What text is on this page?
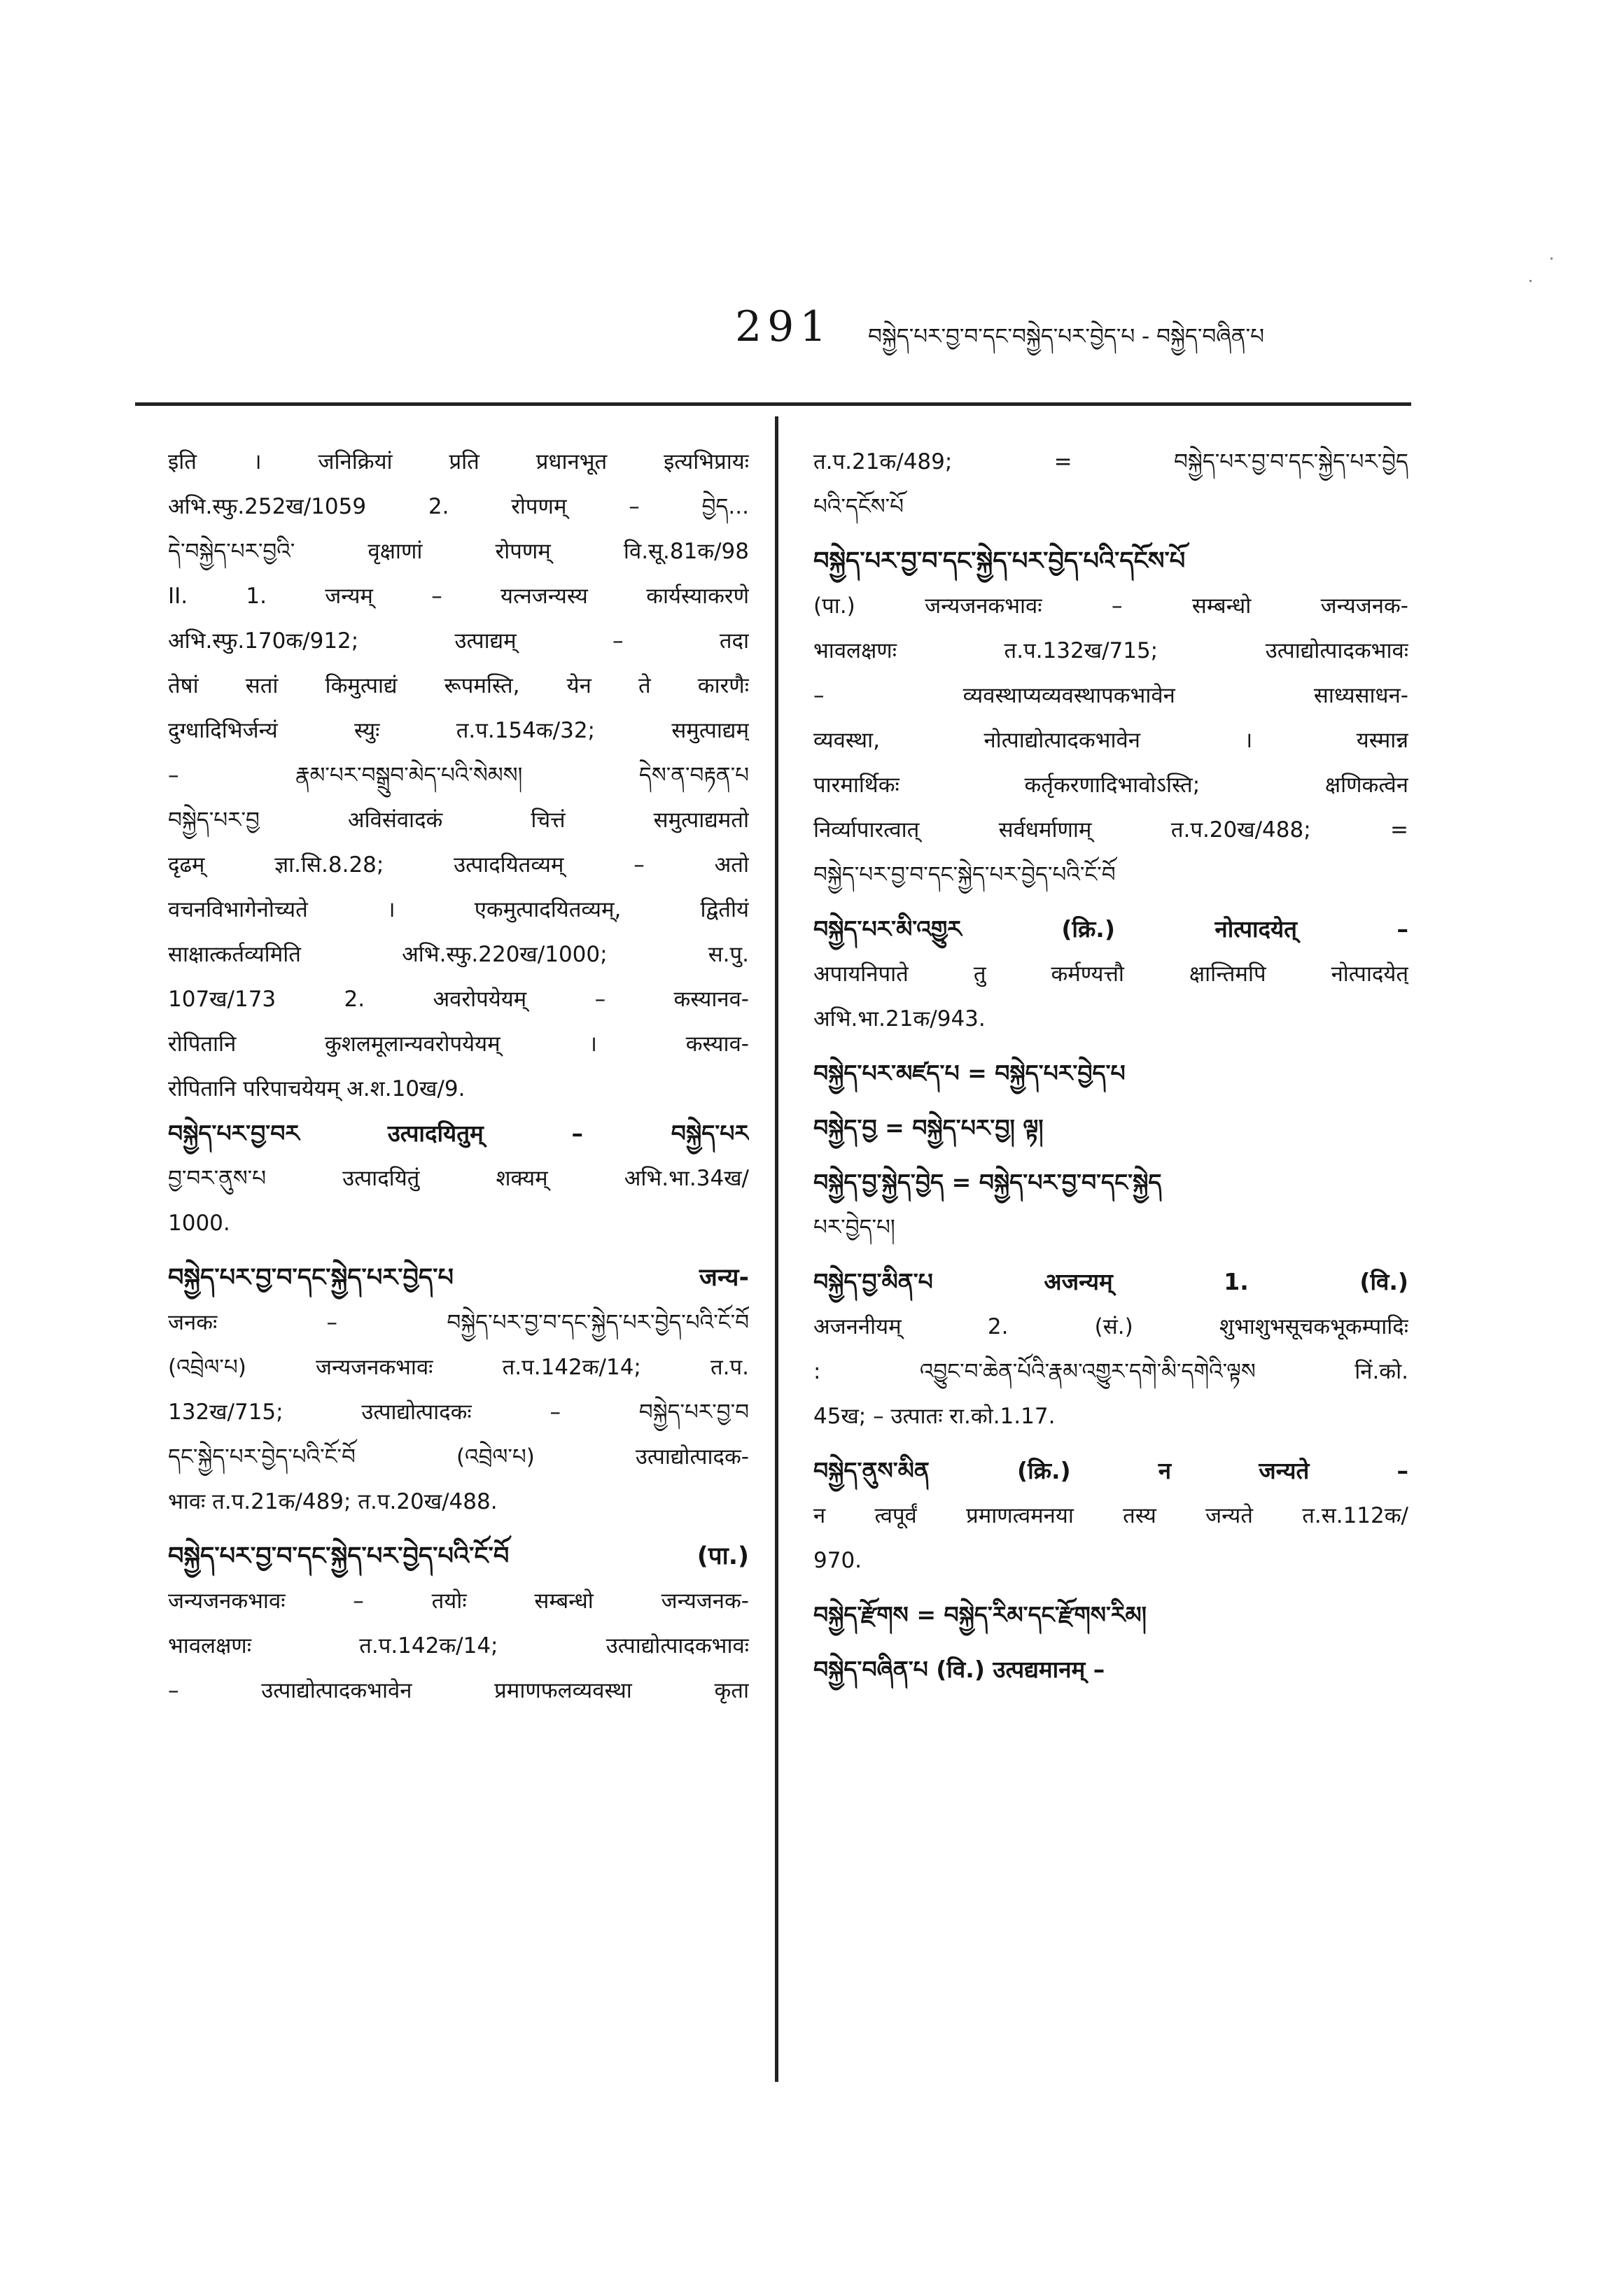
291 བསྐྱེད་པར་བྱ་བ་དང་བསྐྱེད་པར་བྱེད་པ - བསྐྱེད་བཞིན་པ
इति । जनिक्रियां प्रति प्रधानभूत इत्यभिप्रायः
अभि.स्फु.252ख/1059 2. रोपणम् – བྱེད...
དེ་བསྐྱེད་པར་བྱའི་ वृक्षाणां रोपणम् वि.सू.81क/98
II. 1. जन्यम् – यत्नजन्यस्य कार्यस्याकरणे
अभि.स्फु.170क/912; उत्पाद्यम् – तदा
तेषां सतां किमुत्पाद्यं रूपमस्ति, येन ते कारणैः
दुग्धादिभिर्जन्यं स्युः त.प.154क/32; समुत्पाद्यम्
– རྣམ་པར་བསྒྲུབ་མེད་པའི་སེམས། དེས་ན་བརྟན་པ
བསྐྱེད་པར་བྱ अविसंवादकं चित्तं समुत्पाद्यमतो
दृढम् ज्ञा.सि.8.28; उत्पादयितव्यम् – अतो
वचनविभागेनोच्यते । एकमुत्पादयितव्यम्, द्वितीयं
साक्षात्कर्तव्यमिति अभि.स्फु.220ख/1000; स.पु.
107ख/173 2. अवरोपयेयम् – कस्यानव-
रोपितानि कुशलमूलान्यवरोपयेयम् । कस्याव-
रोपितानि परिपाचयेयम् अ.श.10ख/9.
བསྐྱེད་པར་བྱ་བར उत्पादयितुम् – བསྐྱེད་པར
བྱ་བར་ནུས་པ उत्पादयितुं शक्यम् अभि.भा.34ख/
1000.
བསྐྱེད་པར་བྱ་བ་དང་སྐྱེད་པར་བྱེད་པ जन्य-
जनकः – བསྐྱེད་པར་བྱ་བ་དང་སྐྱེད་པར་བྱེད་པའི་ངོ་བོ
(འབྲེལ་པ) जन्यजनकभावः त.प.142क/14; त.प.
132ख/715; उत्पाद्योत्पादकः – བསྐྱེད་པར་བྱ་བ
དང་སྐྱེད་པར་བྱེད་པའི་ངོ་བོ (འབྲེལ་པ) उत्पाद्योत्पादक-
भावः त.प.21क/489; त.प.20ख/488.
བསྐྱེད་པར་བྱ་བ་དང་སྐྱེད་པར་བྱེད་པའི་ངོ་བོ (पा.)
जन्यजनकभावः – तयोः सम्बन्धो जन्यजनक-
भावलक्षणः त.प.142क/14; उत्पाद्योत्पादकभावः
– उत्पाद्योत्पादकभावेन प्रमाणफलव्यवस्था कृता
त.प.21क/489; = བསྐྱེད་པར་བྱ་བ་དང་སྐྱེད་པར་བྱེད
པའི་དངོས་པོ
བསྐྱེད་པར་བྱ་བ་དང་སྐྱེད་པར་བྱེད་པའི་དངོས་པོ
(पा.) जन्यजनकभावः – सम्बन्धो जन्यजनक-
भावलक्षणः त.प.132ख/715; उत्पाद्योत्पादकभावः
– व्यवस्थाप्यव्यवस्थापकभावेन साध्यसाधन-
व्यवस्था, नोत्पाद्योत्पादकभावेन । यस्मान्न
पारमार्थिकः कर्तृकरणादिभावोऽस्ति; क्षणिकत्वेन
निर्व्यापारत्वात् सर्वधर्माणाम् त.प.20ख/488; =
བསྐྱེད་པར་བྱ་བ་དང་སྐྱེད་པར་བྱེད་པའི་ངོ་བོ
བསྐྱེད་པར་མི་འགྱུར (क्रि.) नोत्पादयेत् –
अपायनिपाते तु कर्मण्यत्तौ क्षान्तिमपि नोत्पादयेत्
अभि.भा.21क/943.
བསྐྱེད་པར་མཛད་པ = བསྐྱེད་པར་བྱེད་པ
བསྐྱེད་བྱ = བསྐྱེད་པར་བྱ། ལྟ།
བསྐྱེད་བྱ་སྐྱེད་བྱེད = བསྐྱེད་པར་བྱ་བ་དང་སྐྱེད
པར་བྱེད་པ།
བསྐྱེད་བྱ་མིན་པ अजन्यम् 1. (वि.)
अजननीयम् 2. (सं.) शुभाशुभसूचकभूकम्पादिः
: འབྱུང་བ་ཆེན་པོའི་རྣམ་འགྱུར་དགེ་མི་དགེའི་ལྟས निं.को.
45ख; – उत्पातः रा.को.1.17.
བསྐྱེད་ནུས་མིན (क्रि.) न जन्यते –
न त्वपूर्वं प्रमाणत्वमनया तस्य जन्यते त.स.112क/
970.
བསྐྱེད་རྫོགས = བསྐྱེད་རིམ་དང་རྫོགས་རིམ།
བསྐྱེད་བཞིན་པ (वि.) उत्पद्यमानम् –
